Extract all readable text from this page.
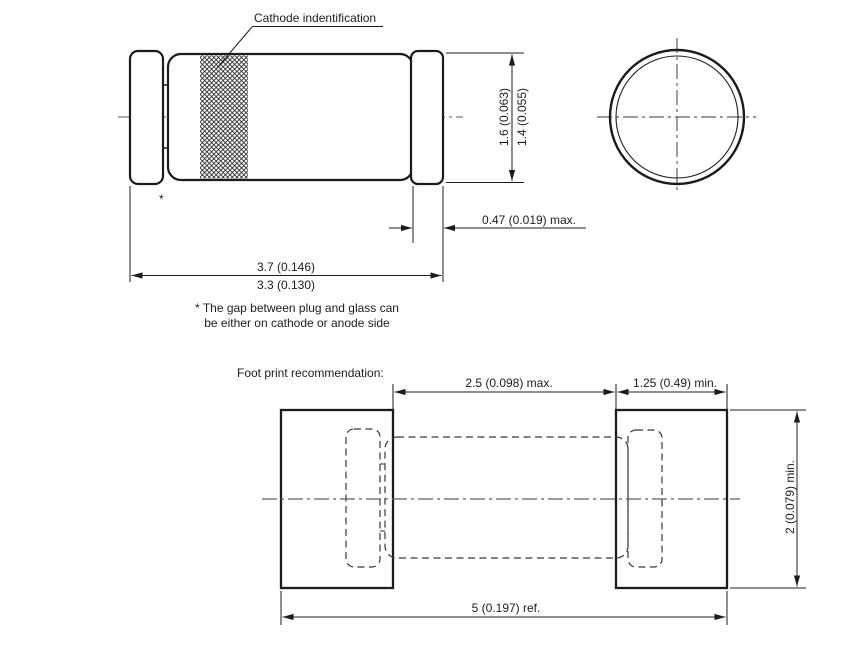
*
Cathode indentification
1.6 (0.063) 1.4 (0.055)
0.47 (0.019) max.
3.7 (0.146)
3.3 (0.130)
* The gap between plug and glass can
be either on cathode or anode side
Foot print recommendation:
2.5 (0.098) max.	1.25 (0.49) min.
2 (0.079) min.
5 (0.197) ref.
